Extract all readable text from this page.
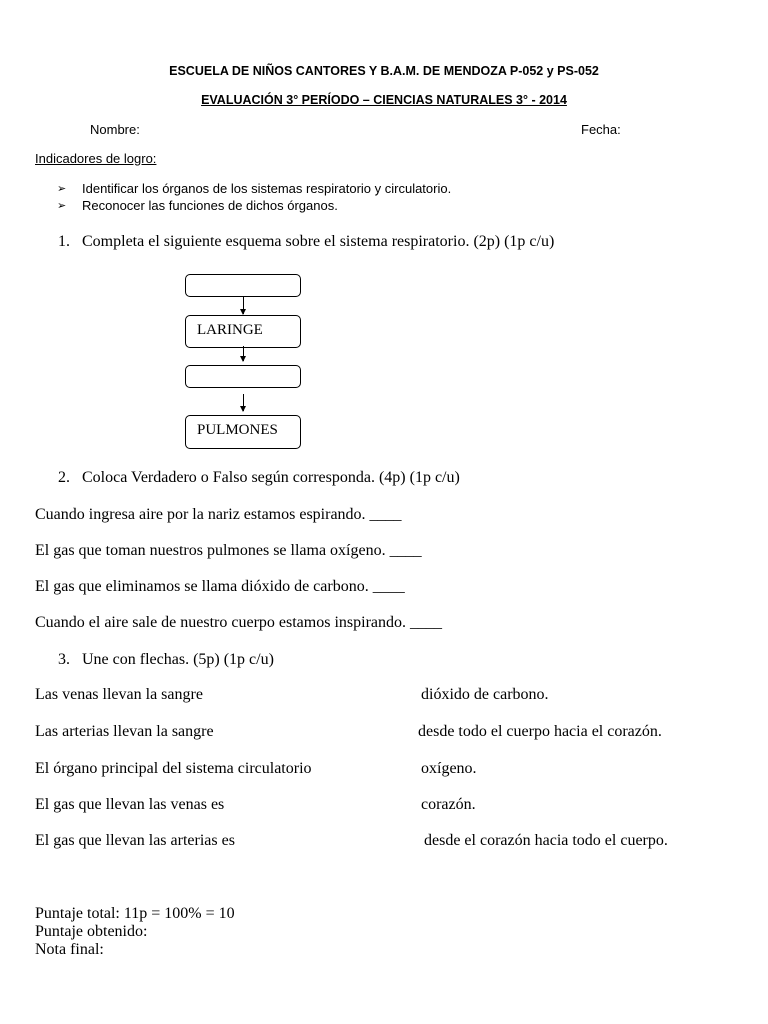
ESCUELA DE NIÑOS CANTORES Y B.A.M. DE MENDOZA P-052 y PS-052
EVALUACIÓN 3° PERÍODO – CIENCIAS NATURALES 3° - 2014
Nombre:	Fecha:
Indicadores de logro:
➢ Identificar los órganos de los sistemas respiratorio y circulatorio.
➢ Reconocer las funciones de dichos órganos.
1. Completa el siguiente esquema sobre el sistema respiratorio. (2p) (1p c/u)
LARINGE
PULMONES
2. Coloca Verdadero o Falso según corresponda. (4p) (1p c/u)
Cuando ingresa aire por la nariz estamos espirando. ____
El gas que toman nuestros pulmones se llama oxígeno. ____
El gas que eliminamos se llama dióxido de carbono. ____
Cuando el aire sale de nuestro cuerpo estamos inspirando. ____
3. Une con flechas. (5p) (1p c/u)
Las venas llevan la sangre
Las arterias llevan la sangre
El órgano principal del sistema circulatorio
El gas que llevan las venas es
El gas que llevan las arterias es
dióxido de carbono.
desde todo el cuerpo hacia el corazón.
oxígeno.
corazón.
desde el corazón hacia todo el cuerpo.
Puntaje total: 11p = 100% = 10
Puntaje obtenido:
Nota final:
